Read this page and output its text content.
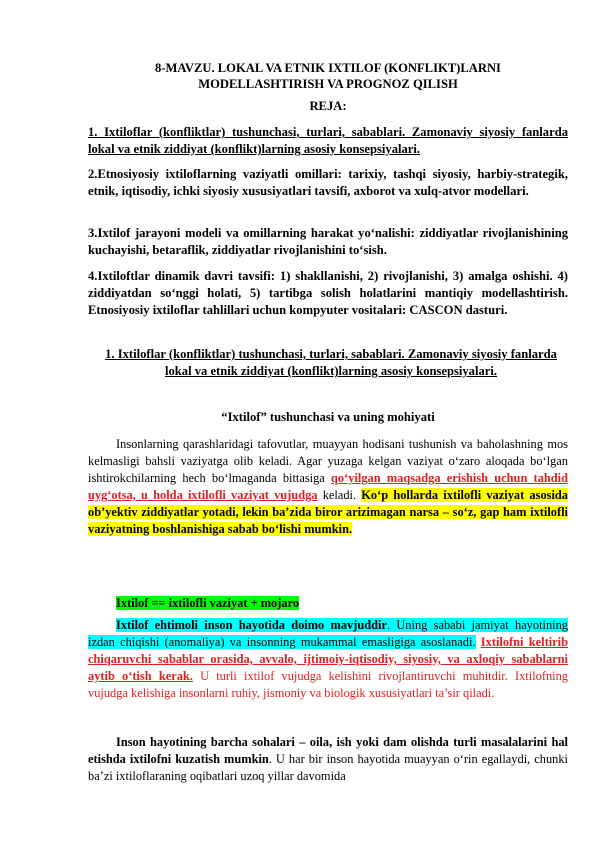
8-MAVZU. LOKAL VA ETNIK IXTILOF (KONFLIKT)LARNI
MODELLASHTIRISH VA PROGNOZ QILISH
REJA:
1. Ixtiloflar (konfliktlar) tushunchasi, turlari, sabablari. Zamonaviy siyosiy fanlarda lokal va etnik ziddiyat (konflikt)larning asosiy konsepsiyalari.
2.Etnosiyosiy ixtiloflarning vaziyatli omillari: tarixiy, tashqi siyosiy, harbiy-strategik, etnik, iqtisodiy, ichki siyosiy xususiyatlari tavsifi, axborot va xulq-atvor modellari.
3.Ixtilof jarayoni modeli va omillarning harakat yo‘nalishi: ziddiyatlar rivojlanishining kuchayishi, betaraflik, ziddiyatlar rivojlanishini to‘sish.
4.Ixtiloftlar dinamik davri tavsifi: 1) shakllanishi, 2) rivojlanishi, 3) amalga oshishi. 4) ziddiyatdan so‘nggi holati, 5) tartibga solish holatlarini mantiqiy modellashtirish. Etnosiyosiy ixtiloflar tahlillari uchun kompyuter vositalari: CASCON dasturi.
1. Ixtiloflar (konfliktlar) tushunchasi, turlari, sabablari. Zamonaviy siyosiy fanlarda lokal va etnik ziddiyat (konflikt)larning asosiy konsepsiyalari.
“Ixtilof” tushunchasi va uning mohiyati
Insonlarning qarashlaridagi tafovutlar, muayyan hodisani tushunish va baholashning mos kelmasligi bahsli vaziyatga olib keladi. Agar yuzaga kelgan vaziyat o‘zaro aloqada bo‘lgan ishtirokchilarning hech bo‘lmaganda bittasiga qo‘yilgan maqsadga erishish uchun tahdid uyg‘otsa, u holda ixtilofli vaziyat vujudga keladi. Ko‘p hollarda ixtilofli vaziyat asosida ob’yektiv ziddiyatlar yotadi, lekin ba’zida biror arizimagan narsa – so‘z, gap ham ixtilofli vaziyatning boshlanishiga sabab bo‘lishi mumkin.
Ixtilof == ixtilofli vaziyat + mojaro
Ixtilof ehtimoli inson hayotida doimo mavjuddir. Uning sababi jamiyat hayotining izdan chiqishi (anomaliya) va insonning mukammal emasligiga asoslanadi. Ixtilofni keltirib chiqaruvchi sabablar orasida, avvalo, ijtimoiy-iqtisodiy, siyosiy, va axloqiy sabablarni aytib o‘tish kerak. U turli ixtilof vujudga kelishini rivojlantiruvchi muhitdir. Ixtilofning vujudga kelishiga insonlarni ruhiy, jismoniy va biologik xususiyatlari ta’sir qiladi.
Inson hayotining barcha sohalari – oila, ish yoki dam olishda turli masalalarini hal etishda ixtilofni kuzatish mumkin. U har bir inson hayotida muayyan o‘rin egallaydi, chunki ba’zi ixtiloflaraning oqibatlari uzoq yillar davomida
